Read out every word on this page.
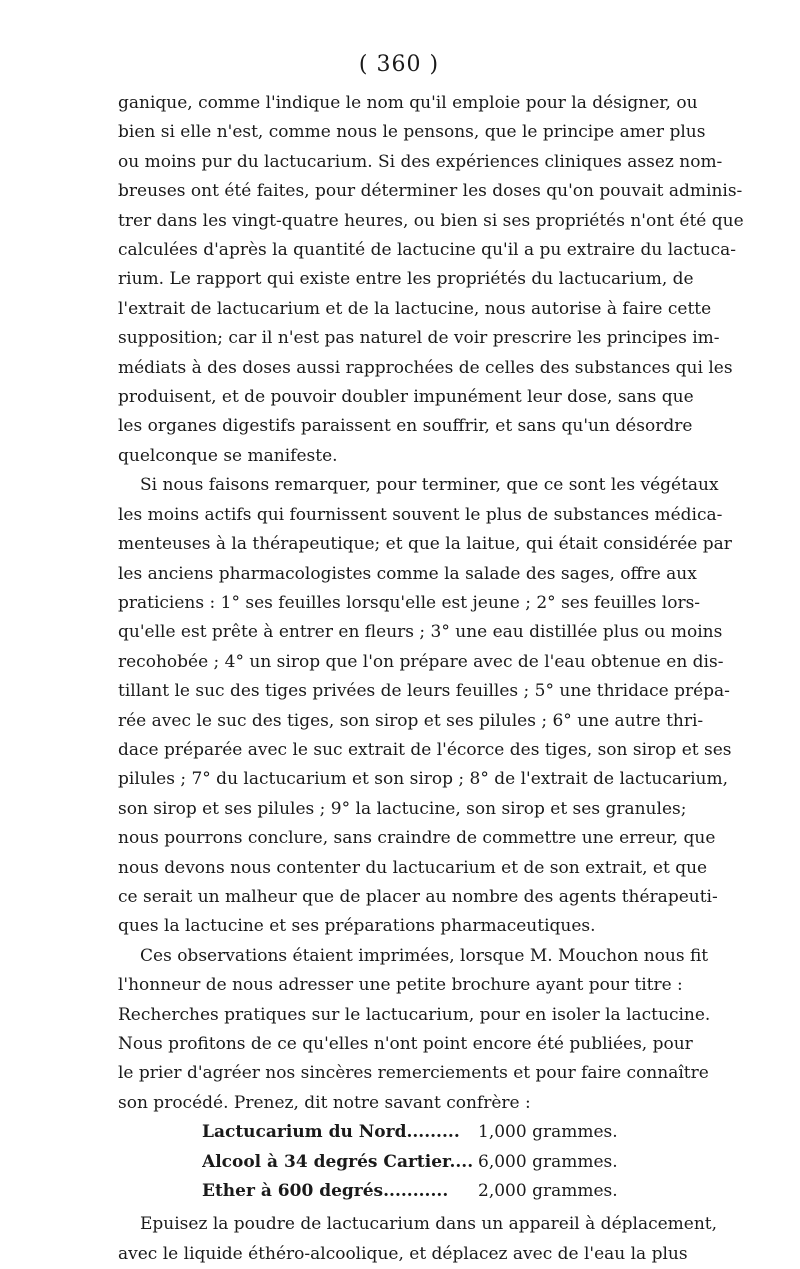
( 360 )
ganique, comme l'indique le nom qu'il emploie pour la désigner, ou
bien si elle n'est, comme nous le pensons, que le principe amer plus
ou moins pur du lactucarium. Si des expériences cliniques assez nom-
breuses ont été faites, pour déterminer les doses qu'on pouvait adminis-
trer dans les vingt-quatre heures, ou bien si ses propriétés n'ont été que
calculées d'après la quantité de lactucine qu'il a pu extraire du lactuca-
rium. Le rapport qui existe entre les propriétés du lactucarium, de
l'extrait de lactucarium et de la lactucine, nous autorise à faire cette
supposition; car il n'est pas naturel de voir prescrire les principes im-
médiats à des doses aussi rapprochées de celles des substances qui les
produisent, et de pouvoir doubler impunément leur dose, sans que
les organes digestifs paraissent en souffrir, et sans qu'un désordre
quelconque se manifeste.
Si nous faisons remarquer, pour terminer, que ce sont les végétaux
les moins actifs qui fournissent souvent le plus de substances médica-
menteuses à la thérapeutique; et que la laitue, qui était considérée par
les anciens pharmacologistes comme la salade des sages, offre aux
praticiens : 1° ses feuilles lorsqu'elle est jeune ; 2° ses feuilles lors-
qu'elle est prête à entrer en fleurs ; 3° une eau distillée plus ou moins
recohobée ; 4° un sirop que l'on prépare avec de l'eau obtenue en dis-
tillant le suc des tiges privées de leurs feuilles ; 5° une thridace prépa-
rée avec le suc des tiges, son sirop et ses pilules ; 6° une autre thri-
dace préparée avec le suc extrait de l'écorce des tiges, son sirop et ses
pilules ; 7° du lactucarium et son sirop ; 8° de l'extrait de lactucarium,
son sirop et ses pilules ; 9° la lactucine, son sirop et ses granules;
nous pourrons conclure, sans craindre de commettre une erreur, que
nous devons nous contenter du lactucarium et de son extrait, et que
ce serait un malheur que de placer au nombre des agents thérapeuti-
ques la lactucine et ses préparations pharmaceutiques.
Ces observations étaient imprimées, lorsque M. Mouchon nous fit
l'honneur de nous adresser une petite brochure ayant pour titre :
Recherches pratiques sur le lactucarium, pour en isoler la lactucine.
Nous profitons de ce qu'elles n'ont point encore été publiées, pour
le prier d'agréer nos sincères remerciements et pour faire connaître
son procédé. Prenez, dit notre savant confrère :
Lactucarium du Nord.........	1,000 grammes.
Alcool à 34 degrés Cartier.... 6,000 grammes.
Ether à 600 degrés...........	2,000 grammes.
Epuisez la poudre de lactucarium dans un appareil à déplacement,
avec le liquide éthéro-alcoolique, et déplacez avec de l'eau la plus
